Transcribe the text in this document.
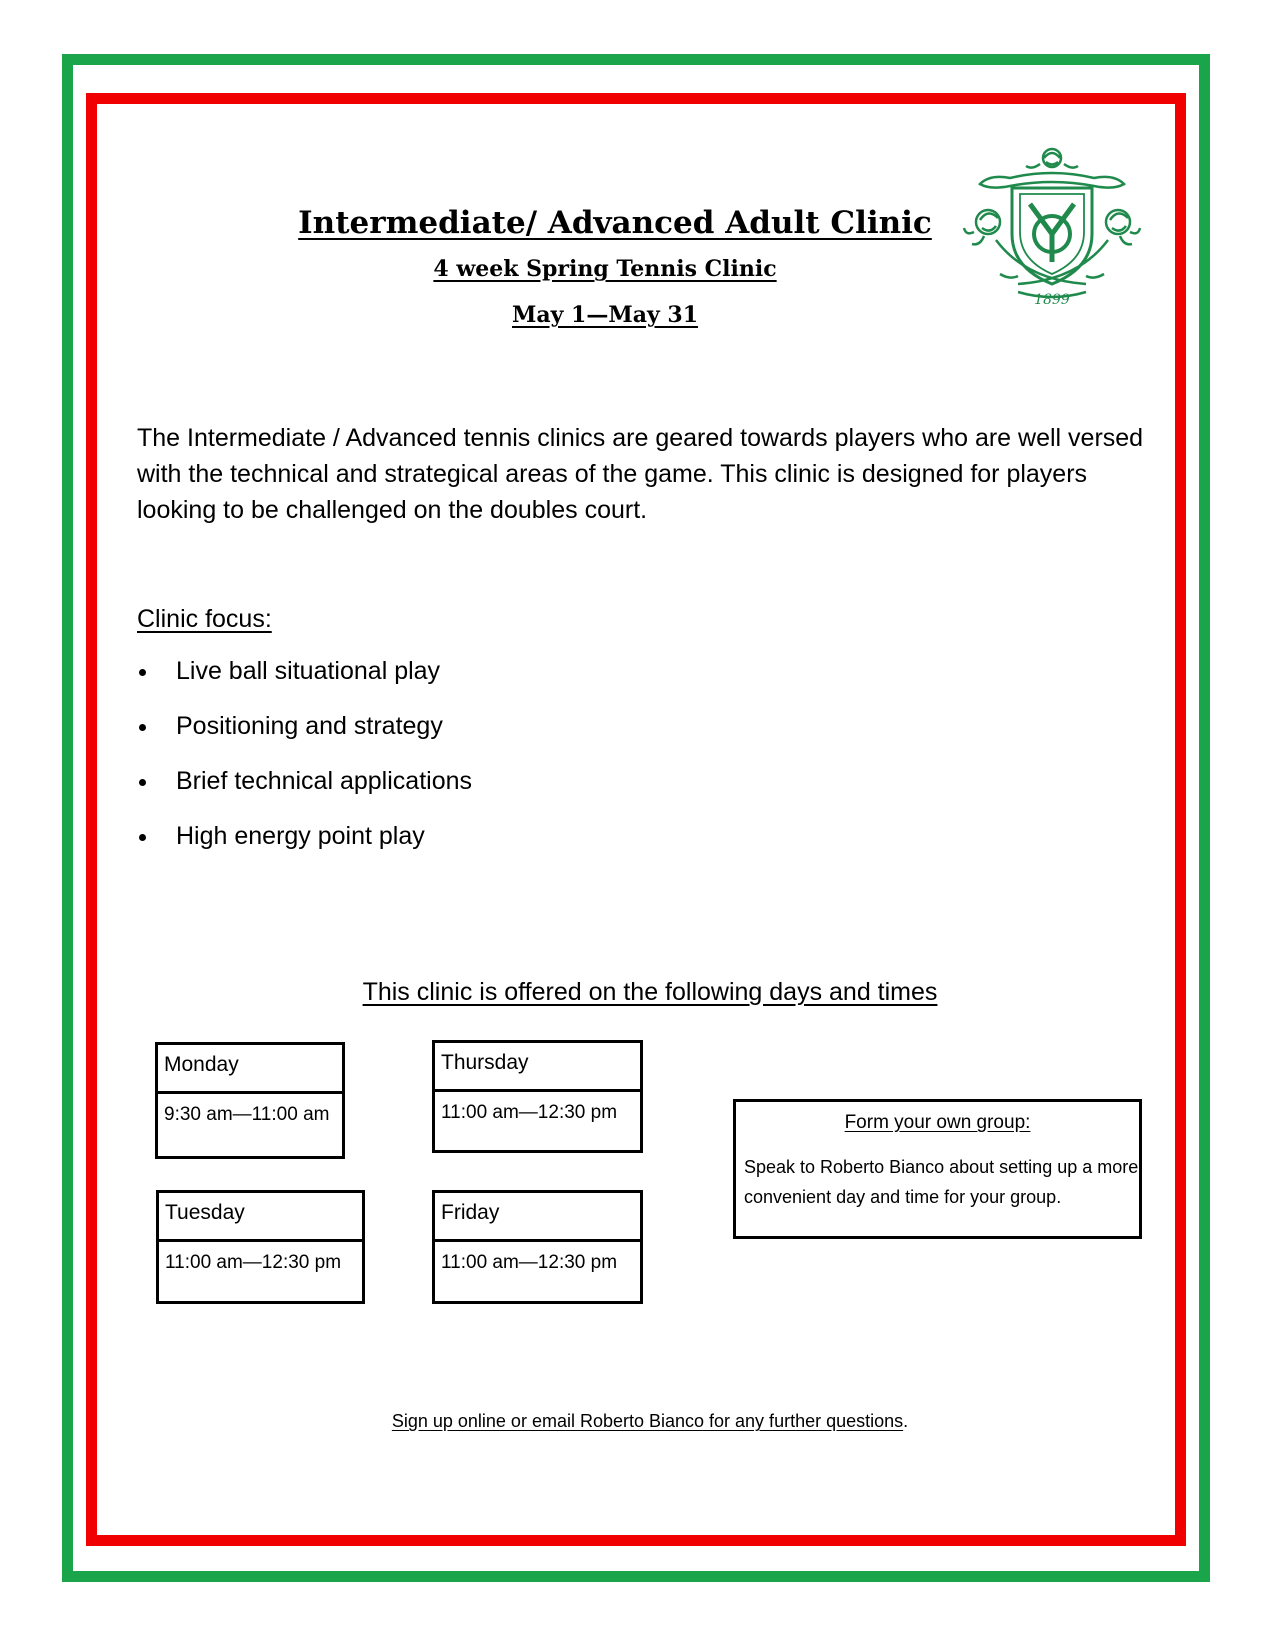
Intermediate/ Advanced Adult Clinic
4 week Spring Tennis Clinic
May 1—May 31
1899

The Intermediate / Advanced tennis clinics are geared towards players who are well versed with the technical and strategical areas of the game. This clinic is designed for players looking to be challenged on the doubles court.

Clinic focus:
Live ball situational play
Positioning and strategy
Brief technical applications
High energy point play
This clinic is offered on the following days and times
Monday
9:30 am—11:00 am
Thursday
11:00 am—12:30 pm
Tuesday
11:00 am—12:30 pm
Friday
11:00 am—12:30 pm
Form your own group:
Speak to Roberto Bianco about setting up a more convenient day and time for your group.
Sign up online or email Roberto Bianco for any further questions.
